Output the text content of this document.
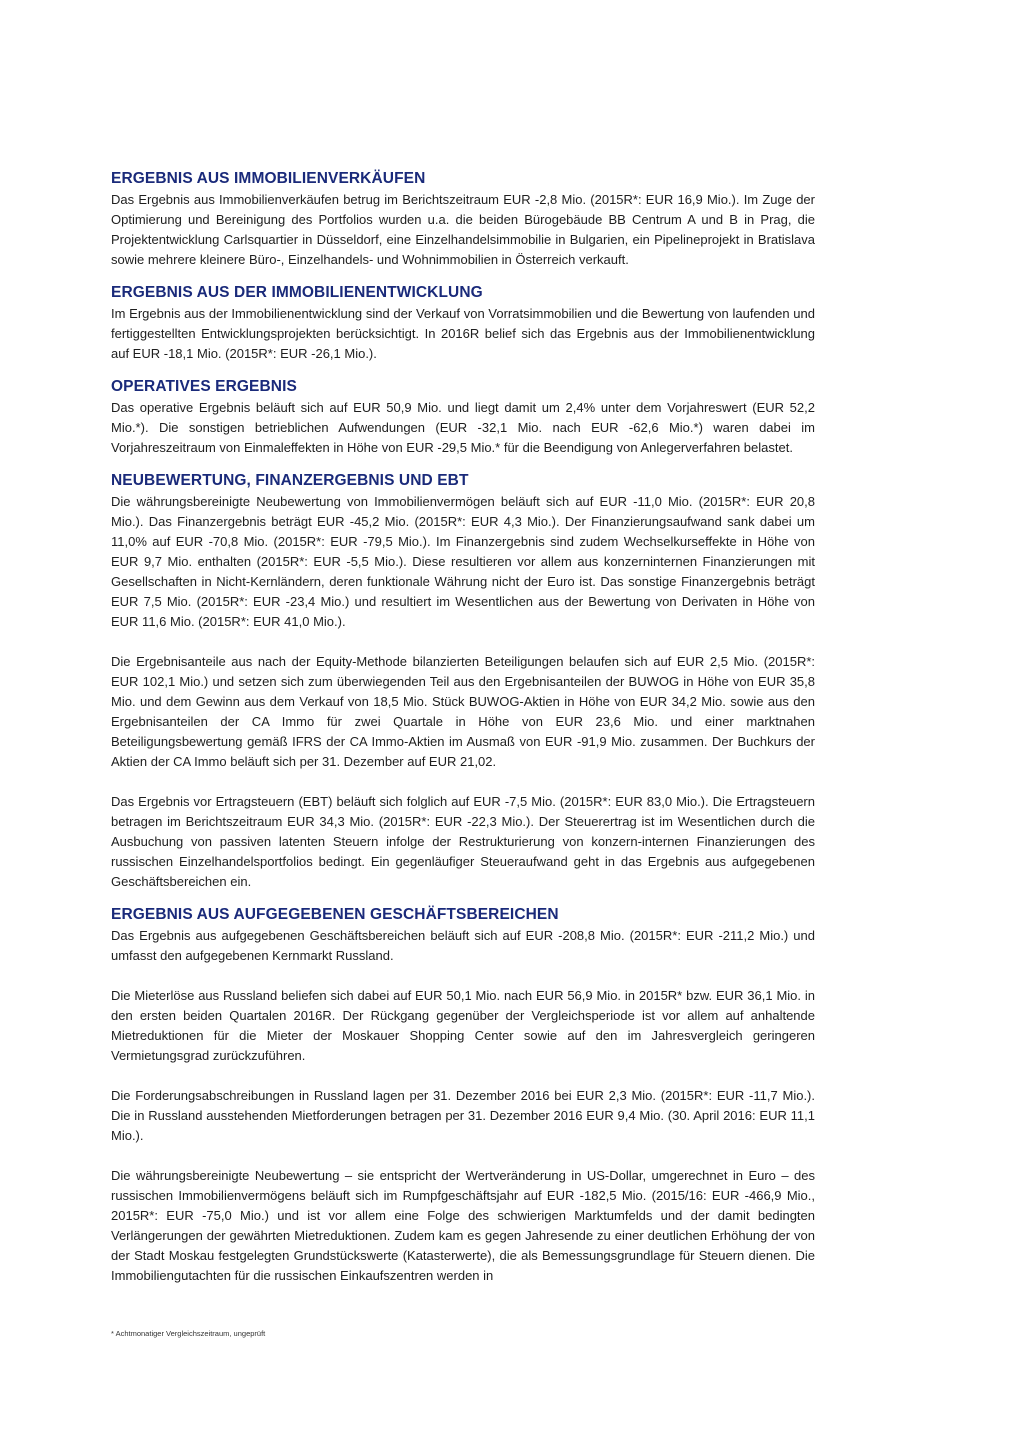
ERGEBNIS AUS IMMOBILIENVERKÄUFEN

Das Ergebnis aus Immobilienverkäufen betrug im Berichtszeitraum EUR -2,8 Mio. (2015R*: EUR 16,9 Mio.). Im Zuge der Optimierung und Bereinigung des Portfolios wurden u.a. die beiden Bürogebäude BB Centrum A und B in Prag, die Projektentwicklung Carlsquartier in Düsseldorf, eine Einzelhandelsimmobilie in Bulgarien, ein Pipelineprojekt in Bratislava sowie mehrere kleinere Büro-, Einzelhandels- und Wohnimmobilien in Österreich verkauft.

ERGEBNIS AUS DER IMMOBILIENENTWICKLUNG

Im Ergebnis aus der Immobilienentwicklung sind der Verkauf von Vorratsimmobilien und die Bewertung von laufenden und fertiggestellten Entwicklungsprojekten berücksichtigt. In 2016R belief sich das Ergebnis aus der Immobilienentwicklung auf EUR -18,1 Mio. (2015R*: EUR -26,1 Mio.).

OPERATIVES ERGEBNIS

Das operative Ergebnis beläuft sich auf EUR 50,9 Mio. und liegt damit um 2,4% unter dem Vorjahreswert (EUR 52,2 Mio.*). Die sonstigen betrieblichen Aufwendungen (EUR -32,1 Mio. nach EUR -62,6 Mio.*) waren dabei im Vorjahreszeitraum von Einmaleffekten in Höhe von EUR -29,5 Mio.* für die Beendigung von Anlegerverfahren belastet.

NEUBEWERTUNG, FINANZERGEBNIS UND EBT

Die währungsbereinigte Neubewertung von Immobilienvermögen beläuft sich auf EUR -11,0 Mio. (2015R*: EUR 20,8 Mio.). Das Finanzergebnis beträgt EUR -45,2 Mio. (2015R*: EUR 4,3 Mio.). Der Finanzierungsaufwand sank dabei um 11,0% auf EUR -70,8 Mio. (2015R*: EUR -79,5 Mio.). Im Finanzergebnis sind zudem Wechselkurseffekte in Höhe von EUR 9,7 Mio. enthalten (2015R*: EUR -5,5 Mio.). Diese resultieren vor allem aus konzerninternen Finanzierungen mit Gesellschaften in Nicht-Kernländern, deren funktionale Währung nicht der Euro ist. Das sonstige Finanzergebnis beträgt EUR 7,5 Mio. (2015R*: EUR -23,4 Mio.) und resultiert im Wesentlichen aus der Bewertung von Derivaten in Höhe von EUR 11,6 Mio. (2015R*: EUR 41,0 Mio.).

Die Ergebnisanteile aus nach der Equity-Methode bilanzierten Beteiligungen belaufen sich auf EUR 2,5 Mio. (2015R*: EUR 102,1 Mio.) und setzen sich zum überwiegenden Teil aus den Ergebnisanteilen der BUWOG in Höhe von EUR 35,8 Mio. und dem Gewinn aus dem Verkauf von 18,5 Mio. Stück BUWOG-Aktien in Höhe von EUR 34,2 Mio. sowie aus den Ergebnisanteilen der CA Immo für zwei Quartale in Höhe von EUR 23,6 Mio. und einer marktnahen Beteiligungsbewertung gemäß IFRS der CA Immo-Aktien im Ausmaß von EUR -91,9 Mio. zusammen. Der Buchkurs der Aktien der CA Immo beläuft sich per 31. Dezember auf EUR 21,02.

Das Ergebnis vor Ertragsteuern (EBT) beläuft sich folglich auf EUR -7,5 Mio. (2015R*: EUR 83,0 Mio.). Die Ertragsteuern betragen im Berichtszeitraum EUR 34,3 Mio. (2015R*: EUR -22,3 Mio.). Der Steuerertrag ist im Wesentlichen durch die Ausbuchung von passiven latenten Steuern infolge der Restrukturierung von konzern-internen Finanzierungen des russischen Einzelhandelsportfolios bedingt. Ein gegenläufiger Steueraufwand geht in das Ergebnis aus aufgegebenen Geschäftsbereichen ein.

ERGEBNIS AUS AUFGEGEBENEN GESCHÄFTSBEREICHEN

Das Ergebnis aus aufgegebenen Geschäftsbereichen beläuft sich auf EUR -208,8 Mio. (2015R*: EUR -211,2 Mio.) und umfasst den aufgegebenen Kernmarkt Russland.

Die Mieterlöse aus Russland beliefen sich dabei auf EUR 50,1 Mio. nach EUR 56,9 Mio. in 2015R* bzw. EUR 36,1 Mio. in den ersten beiden Quartalen 2016R. Der Rückgang gegenüber der Vergleichsperiode ist vor allem auf anhaltende Mietreduktionen für die Mieter der Moskauer Shopping Center sowie auf den im Jahresvergleich geringeren Vermietungsgrad zurückzuführen.

Die Forderungsabschreibungen in Russland lagen per 31. Dezember 2016 bei EUR 2,3 Mio. (2015R*: EUR -11,7 Mio.). Die in Russland ausstehenden Mietforderungen betragen per 31. Dezember 2016 EUR 9,4 Mio. (30. April 2016: EUR 11,1 Mio.).

Die währungsbereinigte Neubewertung – sie entspricht der Wertveränderung in US-Dollar, umgerechnet in Euro – des russischen Immobilienvermögens beläuft sich im Rumpfgeschäftsjahr auf EUR -182,5 Mio. (2015/16: EUR -466,9 Mio., 2015R*: EUR -75,0 Mio.) und ist vor allem eine Folge des schwierigen Marktumfelds und der damit bedingten Verlängerungen der gewährten Mietreduktionen. Zudem kam es gegen Jahresende zu einer deutlichen Erhöhung der von der Stadt Moskau festgelegten Grundstückswerte (Katasterwerte), die als Bemessungsgrundlage für Steuern dienen. Die Immobiliengutachten für die russischen Einkaufszentren werden in

* Achtmonatiger Vergleichszeitraum, ungeprüft
